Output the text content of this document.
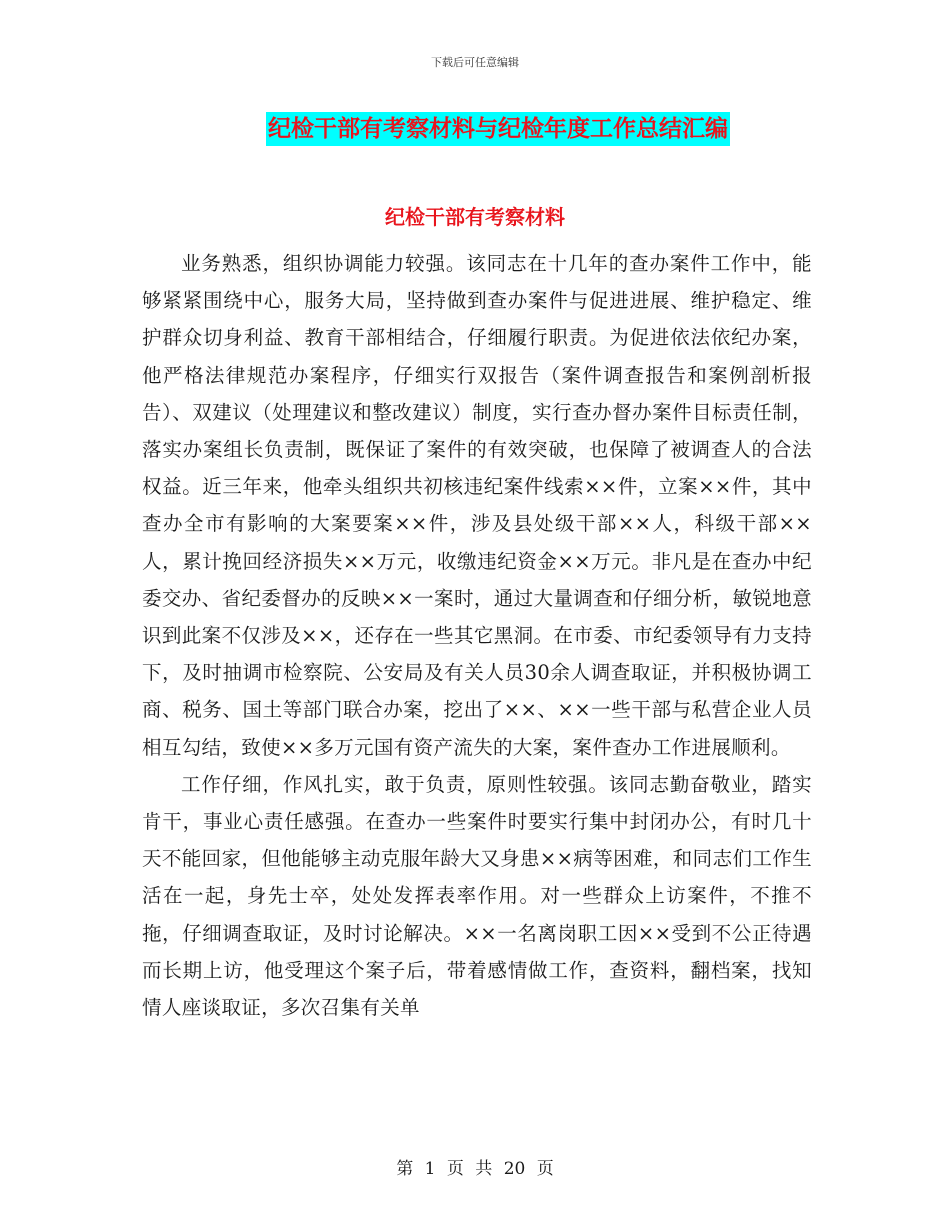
下载后可任意编辑
纪检干部有考察材料与纪检年度工作总结汇编
纪检干部有考察材料

业务熟悉，组织协调能力较强。该同志在十几年的查办案件工作中，能够紧紧围绕中心，服务大局，坚持做到查办案件与促进进展、维护稳定、维护群众切身利益、教育干部相结合，仔细履行职责。为促进依法依纪办案，他严格法律规范办案程序，仔细实行双报告（案件调查报告和案例剖析报告）、双建议（处理建议和整改建议）制度，实行查办督办案件目标责任制，落实办案组长负责制，既保证了案件的有效突破，也保障了被调查人的合法权益。近三年来，他牵头组织共初核违纪案件线索××件，立案××件，其中查办全市有影响的大案要案××件，涉及县处级干部××人，科级干部××人，累计挽回经济损失××万元，收缴违纪资金××万元。非凡是在查办中纪委交办、省纪委督办的反映××一案时，通过大量调查和仔细分析，敏锐地意识到此案不仅涉及××，还存在一些其它黑洞。在市委、市纪委领导有力支持下，及时抽调市检察院、公安局及有关人员30余人调查取证，并积极协调工商、税务、国土等部门联合办案，挖出了××、××一些干部与私营企业人员相互勾结，致使××多万元国有资产流失的大案，案件查办工作进展顺利。

工作仔细，作风扎实，敢于负责，原则性较强。该同志勤奋敬业，踏实肯干，事业心责任感强。在查办一些案件时要实行集中封闭办公，有时几十天不能回家，但他能够主动克服年龄大又身患××病等困难，和同志们工作生活在一起，身先士卒，处处发挥表率作用。对一些群众上访案件，不推不拖，仔细调查取证，及时讨论解决。××一名离岗职工因××受到不公正待遇而长期上访，他受理这个案子后，带着感情做工作，查资料，翻档案，找知情人座谈取证，多次召集有关单

第 1 页 共 20 页
